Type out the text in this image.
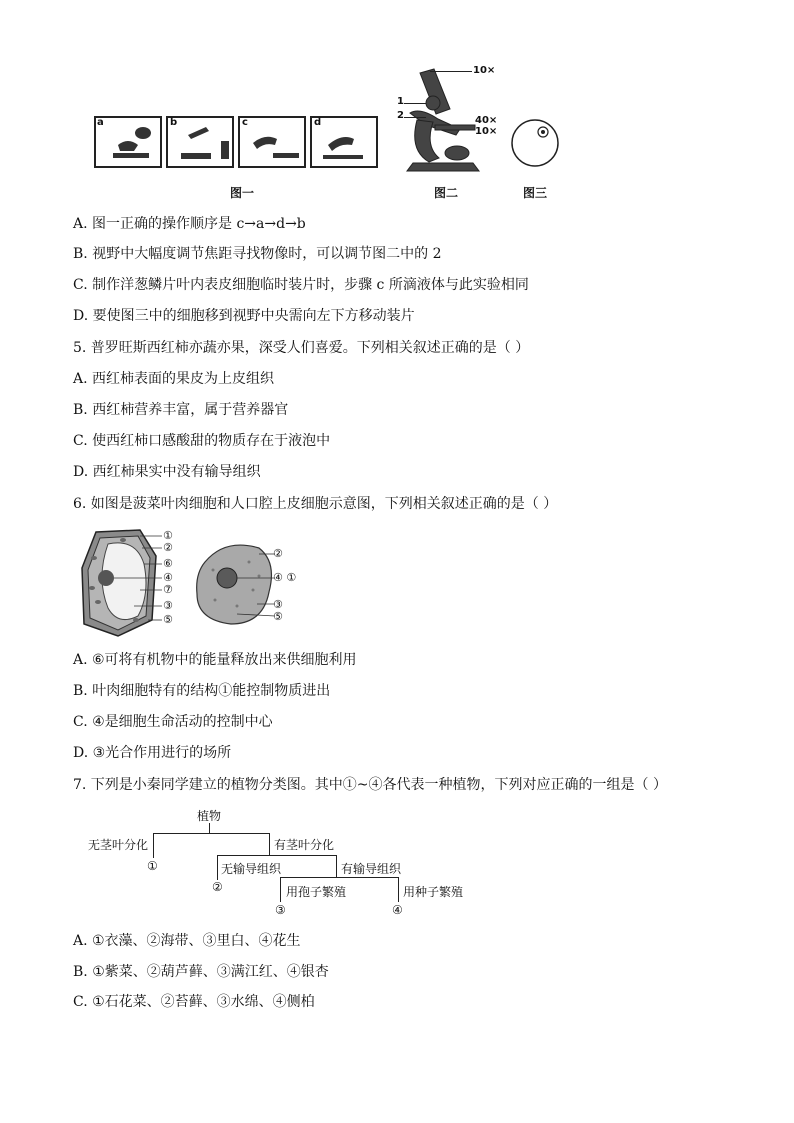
a	b	c	d
10×
1
2	40×
10×
图一	图二	图三
A. 图一正确的操作顺序是 c→a→d→b
B. 视野中大幅度调节焦距寻找物像时，可以调节图二中的 2
C. 制作洋葱鳞片叶内表皮细胞临时装片时，步骤 c 所滴液体与此实验相同
D. 要使图三中的细胞移到视野中央需向左下方移动装片
5. 普罗旺斯西红柿亦蔬亦果，深受人们喜爱。下列相关叙述正确的是（ ）
A. 西红柿表面的果皮为上皮组织
B. 西红柿营养丰富，属于营养器官
C. 使西红柿口感酸甜的物质存在于液泡中
D. 西红柿果实中没有输导组织
6. 如图是菠菜叶肉细胞和人口腔上皮细胞示意图，下列相关叙述正确的是（ ）
①
②
⑥
④
⑦
③
⑤
②
④ ①
③
⑤
A. ⑥可将有机物中的能量释放出来供细胞利用
B. 叶肉细胞特有的结构①能控制物质进出
C. ④是细胞生命活动的控制中心
D. ③光合作用进行的场所
7. 下列是小秦同学建立的植物分类图。其中①~④各代表一种植物，下列对应正确的一组是（ ）
植物
无茎叶分化	有茎叶分化
①	无输导组织	有输导组织
②	用孢子繁殖	用种子繁殖
③	④
A. ①衣藻、②海带、③里白、④花生
B. ①紫菜、②葫芦藓、③满江红、④银杏
C. ①石花菜、②苔藓、③水绵、④侧柏
